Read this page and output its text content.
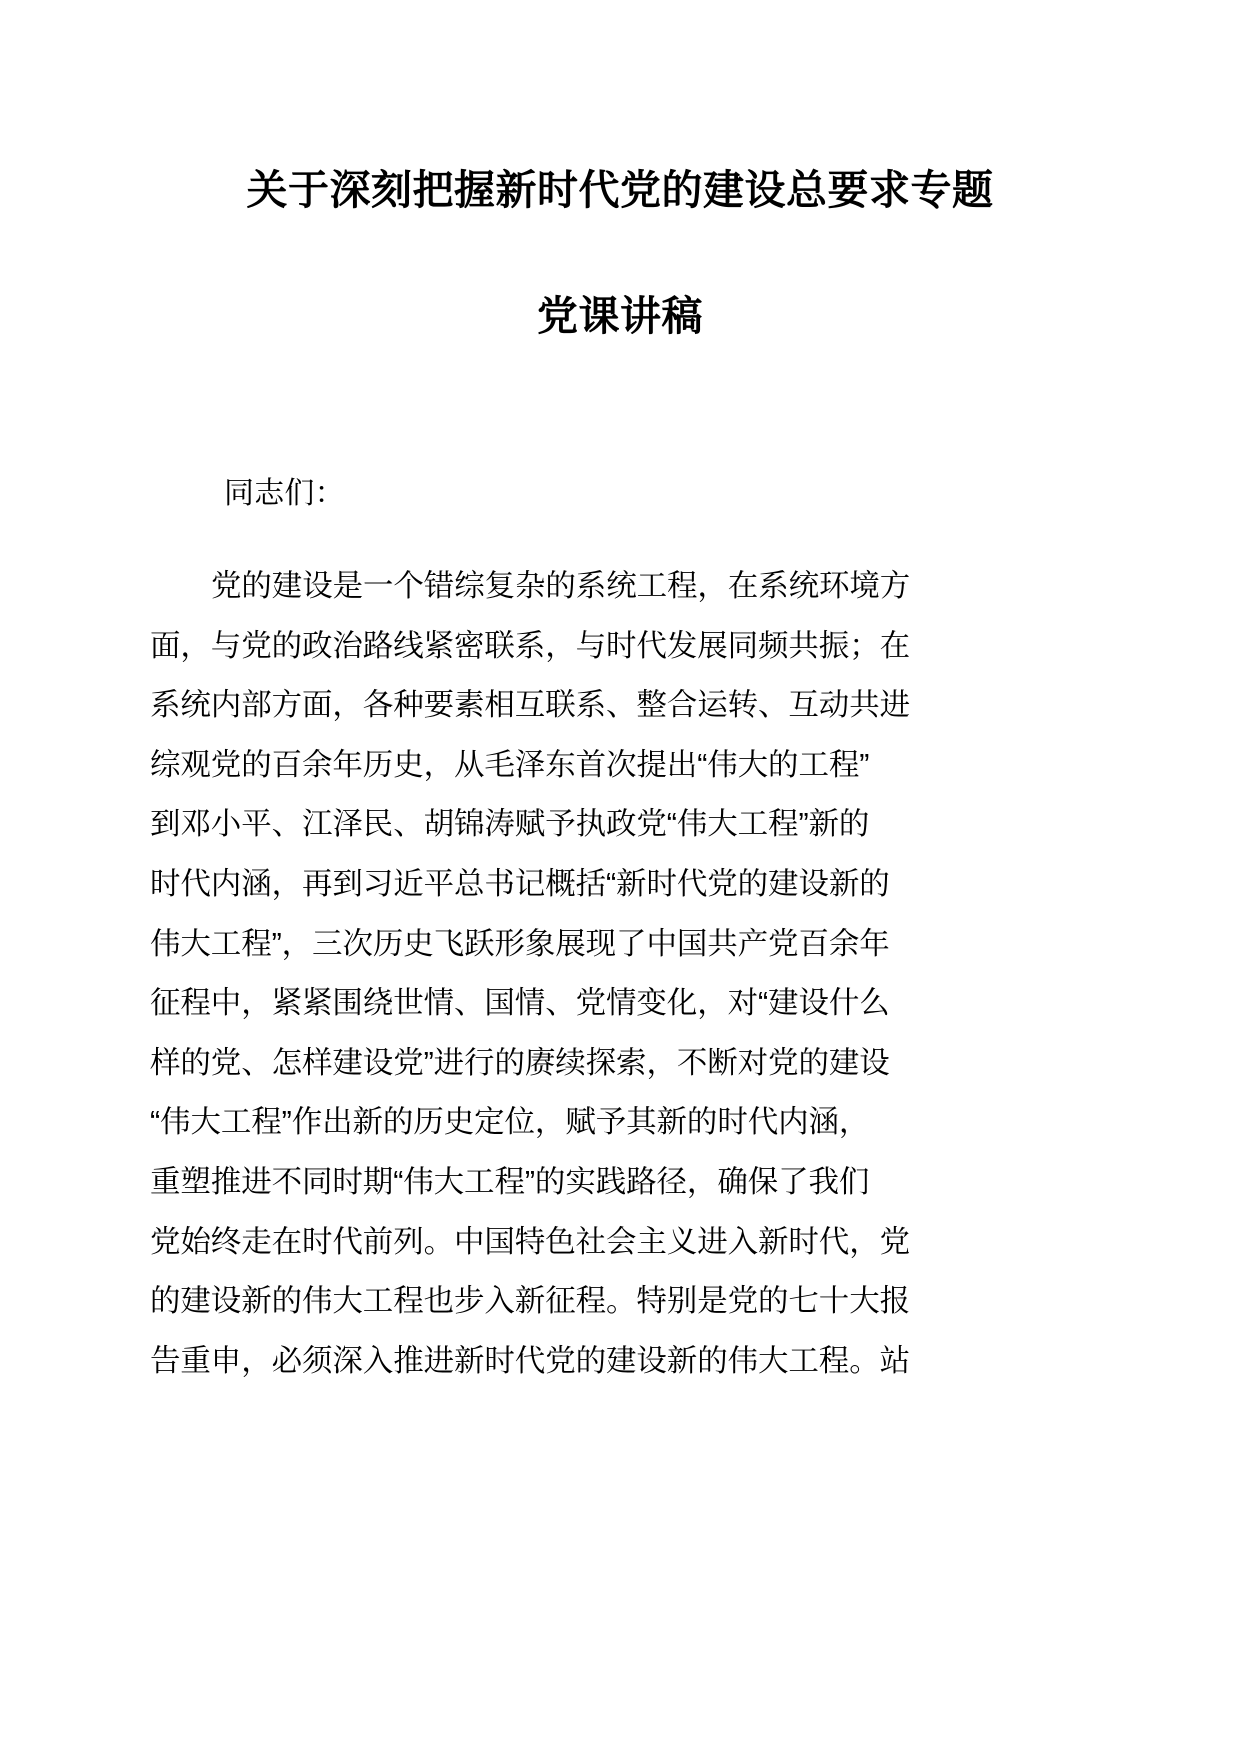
关于深刻把握新时代党的建设总要求专题
党课讲稿

同志们：

党的建设是一个错综复杂的系统工程，在系统环境方
面，与党的政治路线紧密联系，与时代发展同频共振；在
系统内部方面，各种要素相互联系、整合运转、互动共进
综观党的百余年历史，从毛泽东首次提出“伟大的工程”
到邓小平、江泽民、胡锦涛赋予执政党“伟大工程”新的
时代内涵，再到习近平总书记概括“新时代党的建设新的
伟大工程”，三次历史飞跃形象展现了中国共产党百余年
征程中，紧紧围绕世情、国情、党情变化，对“建设什么
样的党、怎样建设党”进行的赓续探索，不断对党的建设
“伟大工程”作出新的历史定位，赋予其新的时代内涵，
重塑推进不同时期“伟大工程”的实践路径，确保了我们
党始终走在时代前列。中国特色社会主义进入新时代，党
的建设新的伟大工程也步入新征程。特别是党的七十大报
告重申，必须深入推进新时代党的建设新的伟大工程。站
